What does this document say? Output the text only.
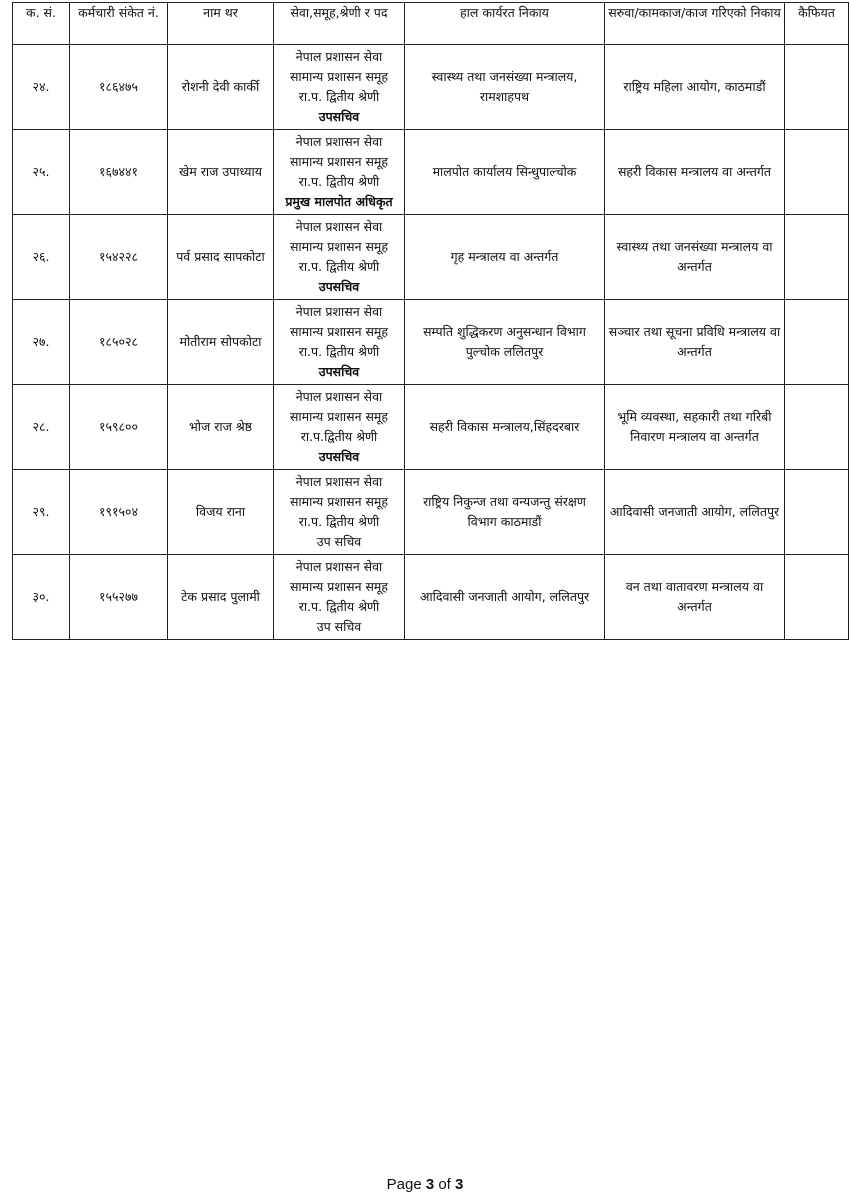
क. सं.	कर्मचारी संकेत नं.	नाम थर	सेवा,समूह,श्रेणी र पद	हाल कार्यरत निकाय	सरुवा/कामकाज/काज गरिएको निकाय	कैफियत
२४.	१८६४७५	रोशनी देवी कार्की	नेपाल प्रशासन सेवा
सामान्य प्रशासन समूह
रा.प. द्वितीय श्रेणी
उपसचिव	स्वास्थ्य तथा जनसंख्या मन्त्रालय, रामशाहपथ	राष्ट्रिय महिला आयोग, काठमाडौं	
२५.	१६७४४१	खेम राज उपाध्याय	नेपाल प्रशासन सेवा
सामान्य प्रशासन समूह
रा.प. द्वितीय श्रेणी
प्रमुख मालपोत अधिकृत	मालपोत कार्यालय सिन्धुपाल्चोक	सहरी विकास मन्त्रालय वा अन्तर्गत	
२६.	१५४२२८	पर्व प्रसाद सापकोटा	नेपाल प्रशासन सेवा
सामान्य प्रशासन समूह
रा.प. द्वितीय श्रेणी
उपसचिव	गृह मन्त्रालय वा अन्तर्गत	स्वास्थ्य तथा जनसंख्या मन्त्रालय वा अन्तर्गत	
२७.	१८५०२८	मोतीराम सोपकोटा	नेपाल प्रशासन सेवा
सामान्य प्रशासन समूह
रा.प. द्वितीय श्रेणी
उपसचिव	सम्पति शुद्धिकरण अनुसन्धान विभाग पुल्चोक ललितपुर	सञ्चार तथा सूचना प्रविधि मन्त्रालय वा अन्तर्गत	
२८.	१५९८००	भोज राज श्रेष्ठ	नेपाल प्रशासन सेवा
सामान्य प्रशासन समूह
रा.प.द्वितीय श्रेणी
उपसचिव	सहरी विकास मन्त्रालय,सिंहदरबार	भूमि व्यवस्था, सहकारी तथा गरिबी निवारण मन्त्रालय वा अन्तर्गत	
२९.	१९१५०४	विजय राना	नेपाल प्रशासन सेवा
सामान्य प्रशासन समूह
रा.प. द्वितीय श्रेणी
उप सचिव	राष्ट्रिय निकुन्ज तथा वन्यजन्तु संरक्षण विभाग काठमाडौं	आदिवासी जनजाती आयोग, ललितपुर	
३०.	१५५२७७	टेक प्रसाद पुलामी	नेपाल प्रशासन सेवा
सामान्य प्रशासन समूह
रा.प. द्वितीय श्रेणी
उप सचिव	आदिवासी जनजाती आयोग, ललितपुर	वन तथा वातावरण मन्त्रालय वा अन्तर्गत	
Page 3 of 3
